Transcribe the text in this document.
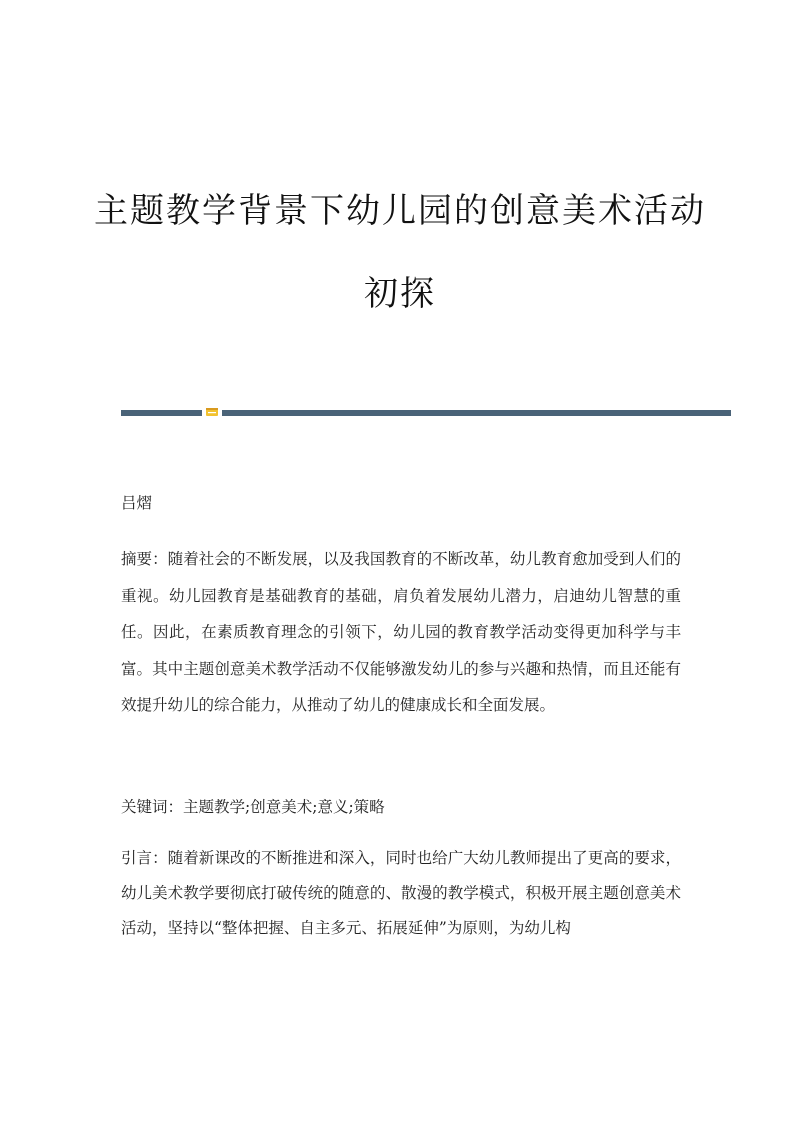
主题教学背景下幼儿园的创意美术活动
初探
吕熠
摘要：随着社会的不断发展，以及我国教育的不断改革，幼儿教育愈加受到人们的重视。幼儿园教育是基础教育的基础，肩负着发展幼儿潜力，启迪幼儿智慧的重任。因此，在素质教育理念的引领下，幼儿园的教育教学活动变得更加科学与丰富。其中主题创意美术教学活动不仅能够激发幼儿的参与兴趣和热情，而且还能有效提升幼儿的综合能力，从推动了幼儿的健康成长和全面发展。
关键词：主题教学;创意美术;意义;策略
引言：随着新课改的不断推进和深入，同时也给广大幼儿教师提出了更高的要求，幼儿美术教学要彻底打破传统的随意的、散漫的教学模式，积极开展主题创意美术活动，坚持以“整体把握、自主多元、拓展延伸”为原则，为幼儿构
